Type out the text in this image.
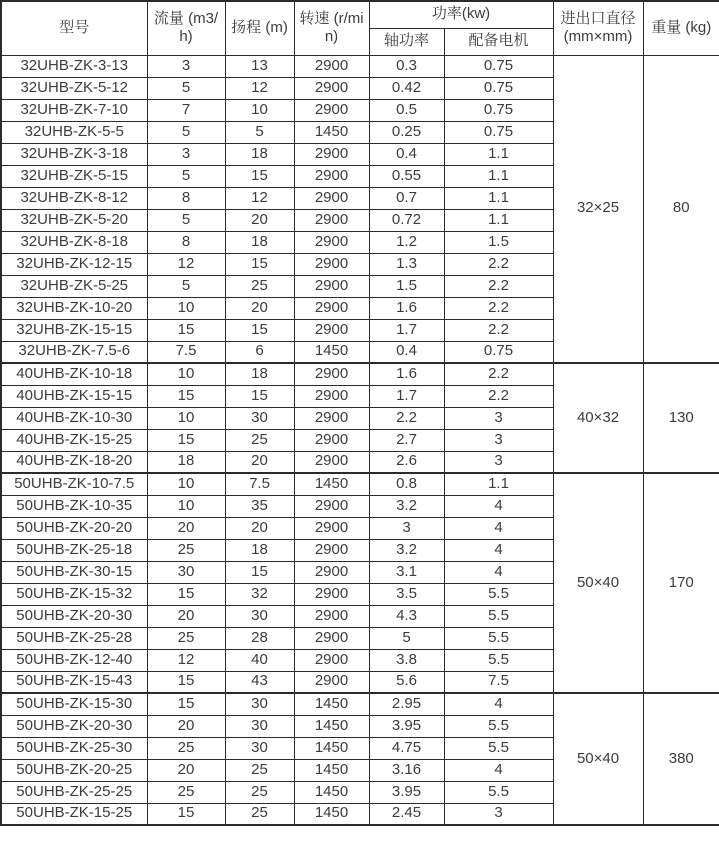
型号	流量 (m3/h)	扬程 (m)	转速 (r/min)	功率(kw)		进出口直径 (mm×mm)	重量 (kg)
				轴功率	配备电机		
32UHB-ZK-3-13	3	13	2900	0.3	0.75	32×25	80
32UHB-ZK-5-12	5	12	2900	0.42	0.75		
32UHB-ZK-7-10	7	10	2900	0.5	0.75		
32UHB-ZK-5-5	5	5	1450	0.25	0.75		
32UHB-ZK-3-18	3	18	2900	0.4	1.1		
32UHB-ZK-5-15	5	15	2900	0.55	1.1		
32UHB-ZK-8-12	8	12	2900	0.7	1.1		
32UHB-ZK-5-20	5	20	2900	0.72	1.1		
32UHB-ZK-8-18	8	18	2900	1.2	1.5		
32UHB-ZK-12-15	12	15	2900	1.3	2.2		
32UHB-ZK-5-25	5	25	2900	1.5	2.2		
32UHB-ZK-10-20	10	20	2900	1.6	2.2		
32UHB-ZK-15-15	15	15	2900	1.7	2.2		
32UHB-ZK-7.5-6	7.5	6	1450	0.4	0.75		
40UHB-ZK-10-18	10	18	2900	1.6	2.2	40×32	130
40UHB-ZK-15-15	15	15	2900	1.7	2.2		
40UHB-ZK-10-30	10	30	2900	2.2	3		
40UHB-ZK-15-25	15	25	2900	2.7	3		
40UHB-ZK-18-20	18	20	2900	2.6	3		
50UHB-ZK-10-7.5	10	7.5	1450	0.8	1.1	50×40	170
50UHB-ZK-10-35	10	35	2900	3.2	4		
50UHB-ZK-20-20	20	20	2900	3	4		
50UHB-ZK-25-18	25	18	2900	3.2	4		
50UHB-ZK-30-15	30	15	2900	3.1	4		
50UHB-ZK-15-32	15	32	2900	3.5	5.5		
50UHB-ZK-20-30	20	30	2900	4.3	5.5		
50UHB-ZK-25-28	25	28	2900	5	5.5		
50UHB-ZK-12-40	12	40	2900	3.8	5.5		
50UHB-ZK-15-43	15	43	2900	5.6	7.5		
50UHB-ZK-15-30	15	30	1450	2.95	4	50×40	380
50UHB-ZK-20-30	20	30	1450	3.95	5.5		
50UHB-ZK-25-30	25	30	1450	4.75	5.5		
50UHB-ZK-20-25	20	25	1450	3.16	4		
50UHB-ZK-25-25	25	25	1450	3.95	5.5		
50UHB-ZK-15-25	15	25	1450	2.45	3		
